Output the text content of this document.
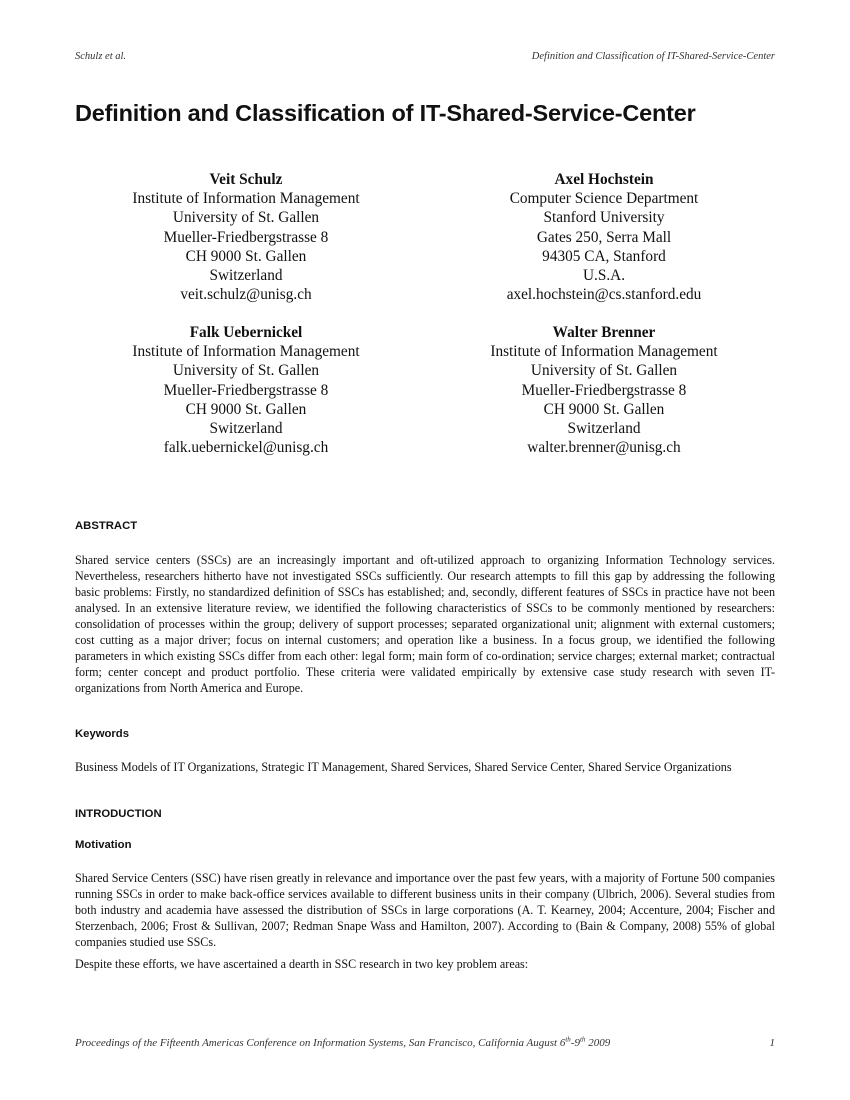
Schulz et al.	Definition and Classification of IT-Shared-Service-Center
Definition and Classification of IT-Shared-Service-Center
Veit Schulz
Institute of Information Management
University of St. Gallen
Mueller-Friedbergstrasse 8
CH 9000 St. Gallen
Switzerland
veit.schulz@unisg.ch
Axel Hochstein
Computer Science Department
Stanford University
Gates 250, Serra Mall
94305 CA, Stanford
U.S.A.
axel.hochstein@cs.stanford.edu
Falk Uebernickel
Institute of Information Management
University of St. Gallen
Mueller-Friedbergstrasse 8
CH 9000 St. Gallen
Switzerland
falk.uebernickel@unisg.ch
Walter Brenner
Institute of Information Management
University of St. Gallen
Mueller-Friedbergstrasse 8
CH 9000 St. Gallen
Switzerland
walter.brenner@unisg.ch
ABSTRACT

Shared service centers (SSCs) are an increasingly important and oft-utilized approach to organizing Information Technology services. Nevertheless, researchers hitherto have not investigated SSCs sufficiently. Our research attempts to fill this gap by addressing the following basic problems: Firstly, no standardized definition of SSCs has established; and, secondly, different features of SSCs in practice have not been analysed. In an extensive literature review, we identified the following characteristics of SSCs to be commonly mentioned by researchers: consolidation of processes within the group; delivery of support processes; separated organizational unit; alignment with external customers; cost cutting as a major driver; focus on internal customers; and operation like a business. In a focus group, we identified the following parameters in which existing SSCs differ from each other: legal form; main form of co-ordination; service charges; external market; contractual form; center concept and product portfolio. These criteria were validated empirically by extensive case study research with seven IT-organizations from North America and Europe.

Keywords

Business Models of IT Organizations, Strategic IT Management, Shared Services, Shared Service Center, Shared Service Organizations

INTRODUCTION
Motivation

Shared Service Centers (SSC) have risen greatly in relevance and importance over the past few years, with a majority of Fortune 500 companies running SSCs in order to make back-office services available to different business units in their company (Ulbrich, 2006). Several studies from both industry and academia have assessed the distribution of SSCs in large corporations (A. T. Kearney, 2004; Accenture, 2004; Fischer and Sterzenbach, 2006; Frost & Sullivan, 2007; Redman Snape Wass and Hamilton, 2007). According to (Bain & Company, 2008) 55% of global companies studied use SSCs.

Despite these efforts, we have ascertained a dearth in SSC research in two key problem areas:

Proceedings of the Fifteenth Americas Conference on Information Systems, San Francisco, California August 6th-9th 2009	1
